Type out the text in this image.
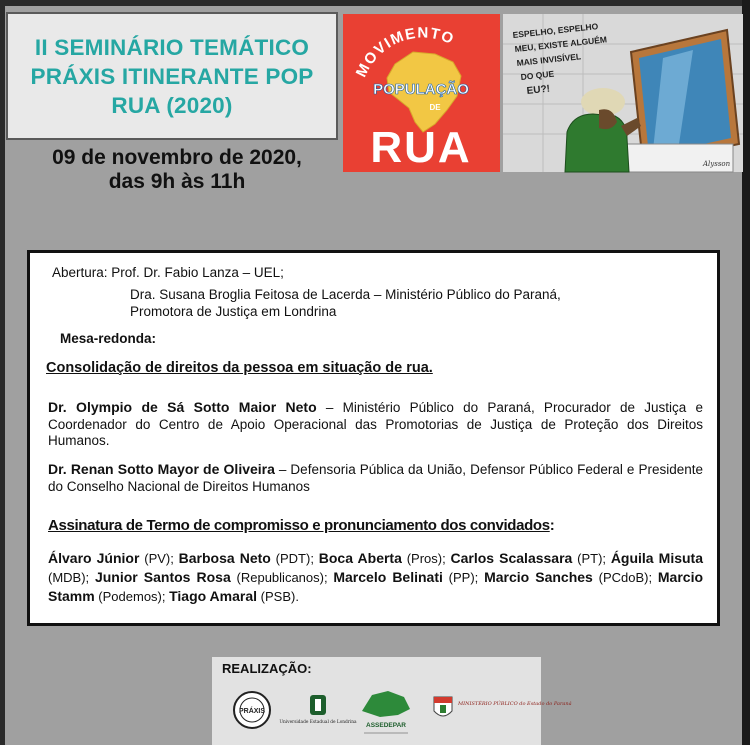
II SEMINÁRIO TEMÁTICO
PRÁXIS ITINERANTE POP
RUA (2020)
09 de novembro de 2020,
das 9h às 11h
MOVIMENTO
POPULAÇÃO
DE
RUA
ESPELHO, ESPELHO
MEU, EXISTE ALGUÉM
MAIS INVISÍVEL
DO QUE
EU?!
Alysson
Abertura: Prof. Dr. Fabio Lanza – UEL;
Dra. Susana Broglia Feitosa de Lacerda – Ministério Público do Paraná,
Promotora de Justiça em Londrina
Mesa-redonda:
Consolidação de direitos da pessoa em situação de rua.
Dr. Olympio de Sá Sotto Maior Neto – Ministério Público do Paraná, Procurador de Justiça e Coordenador do Centro de Apoio Operacional das Promotorias de Justiça de Proteção dos Direitos Humanos.
Dr. Renan Sotto Mayor de Oliveira – Defensoria Pública da União, Defensor Público Federal e Presidente do Conselho Nacional de Direitos Humanos
Assinatura de Termo de compromisso e pronunciamento dos convidados:
Álvaro Júnior (PV); Barbosa Neto (PDT); Boca Aberta (Pros); Carlos Scalassara (PT); Águila Misuta (MDB); Junior Santos Rosa (Republicanos); Marcelo Belinati (PP); Marcio Sanches (PCdoB); Marcio Stamm (Podemos); Tiago Amaral (PSB).
REALIZAÇÃO:
PRÁXIS
Universidade Estadual de Londrina ASSEDEPAR
MINISTÉRIO PÚBLICO do Estado do Paraná
